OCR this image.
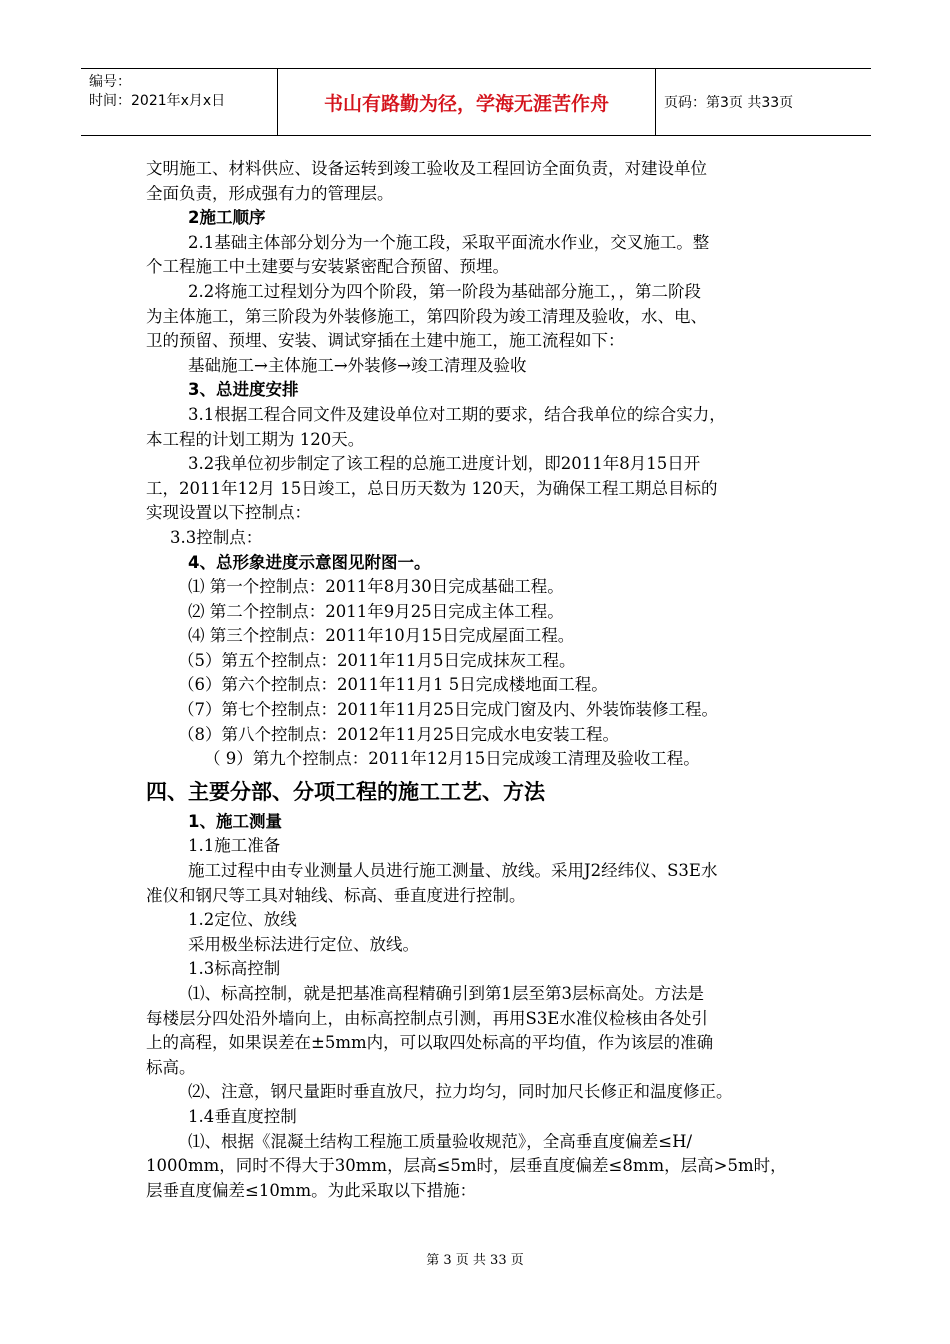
编号：
时间：2021年x月x日	书山有路勤为径，学海无涯苦作舟	页码：第3页 共33页
文明施工、材料供应、设备运转到竣工验收及工程回访全面负责，对建设单位
全面负责，形成强有力的管理层。
2施工顺序
2.1基础主体部分划分为一个施工段，采取平面流水作业，交叉施工。整
个工程施工中土建要与安装紧密配合预留、预埋。
2.2将施工过程划分为四个阶段，第一阶段为基础部分施工，，第二阶段
为主体施工，第三阶段为外装修施工，第四阶段为竣工清理及验收，水、电、
卫的预留、预埋、安装、调试穿插在土建中施工，施工流程如下：
基础施工→主体施工→外装修→竣工清理及验收
3、总进度安排
3.1根据工程合同文件及建设单位对工期的要求，结合我单位的综合实力，
本工程的计划工期为 120天。
3.2我单位初步制定了该工程的总施工进度计划，即2011年8月15日开
工，2011年12月 15日竣工，总日历天数为 120天，为确保工程工期总目标的
实现设置以下控制点：
3.3控制点：
4、总形象进度示意图见附图一。
⑴ 第一个控制点：2011年8月30日完成基础工程。
⑵ 第二个控制点：2011年9月25日完成主体工程。
⑷ 第三个控制点：2011年10月15日完成屋面工程。
（5）第五个控制点：2011年11月5日完成抹灰工程。
（6）第六个控制点：2011年11月1 5日完成楼地面工程。
（7）第七个控制点：2011年11月25日完成门窗及内、外装饰装修工程。
（8）第八个控制点：2012年11月25日完成水电安装工程。
（ 9）第九个控制点：2011年12月15日完成竣工清理及验收工程。
四、主要分部、分项工程的施工工艺、方法
1、施工测量
1.1施工准备
施工过程中由专业测量人员进行施工测量、放线。采用J2经纬仪、S3E水
准仪和钢尺等工具对轴线、标高、垂直度进行控制。
1.2定位、放线
采用极坐标法进行定位、放线。
1.3标高控制
⑴、标高控制，就是把基准高程精确引到第1层至第3层标高处。方法是
每楼层分四处沿外墙向上，由标高控制点引测，再用S3E水准仪检核由各处引
上的高程，如果误差在±5mm内，可以取四处标高的平均值，作为该层的准确
标高。
⑵、注意，钢尺量距时垂直放尺，拉力均匀，同时加尺长修正和温度修正。
1.4垂直度控制
⑴、根据《混凝土结构工程施工质量验收规范》，全高垂直度偏差≤H/
1000mm，同时不得大于30mm，层高≤5m时，层垂直度偏差≤8mm，层高>5m时，
层垂直度偏差≤10mm。为此采取以下措施：
第 3 页 共 33 页
